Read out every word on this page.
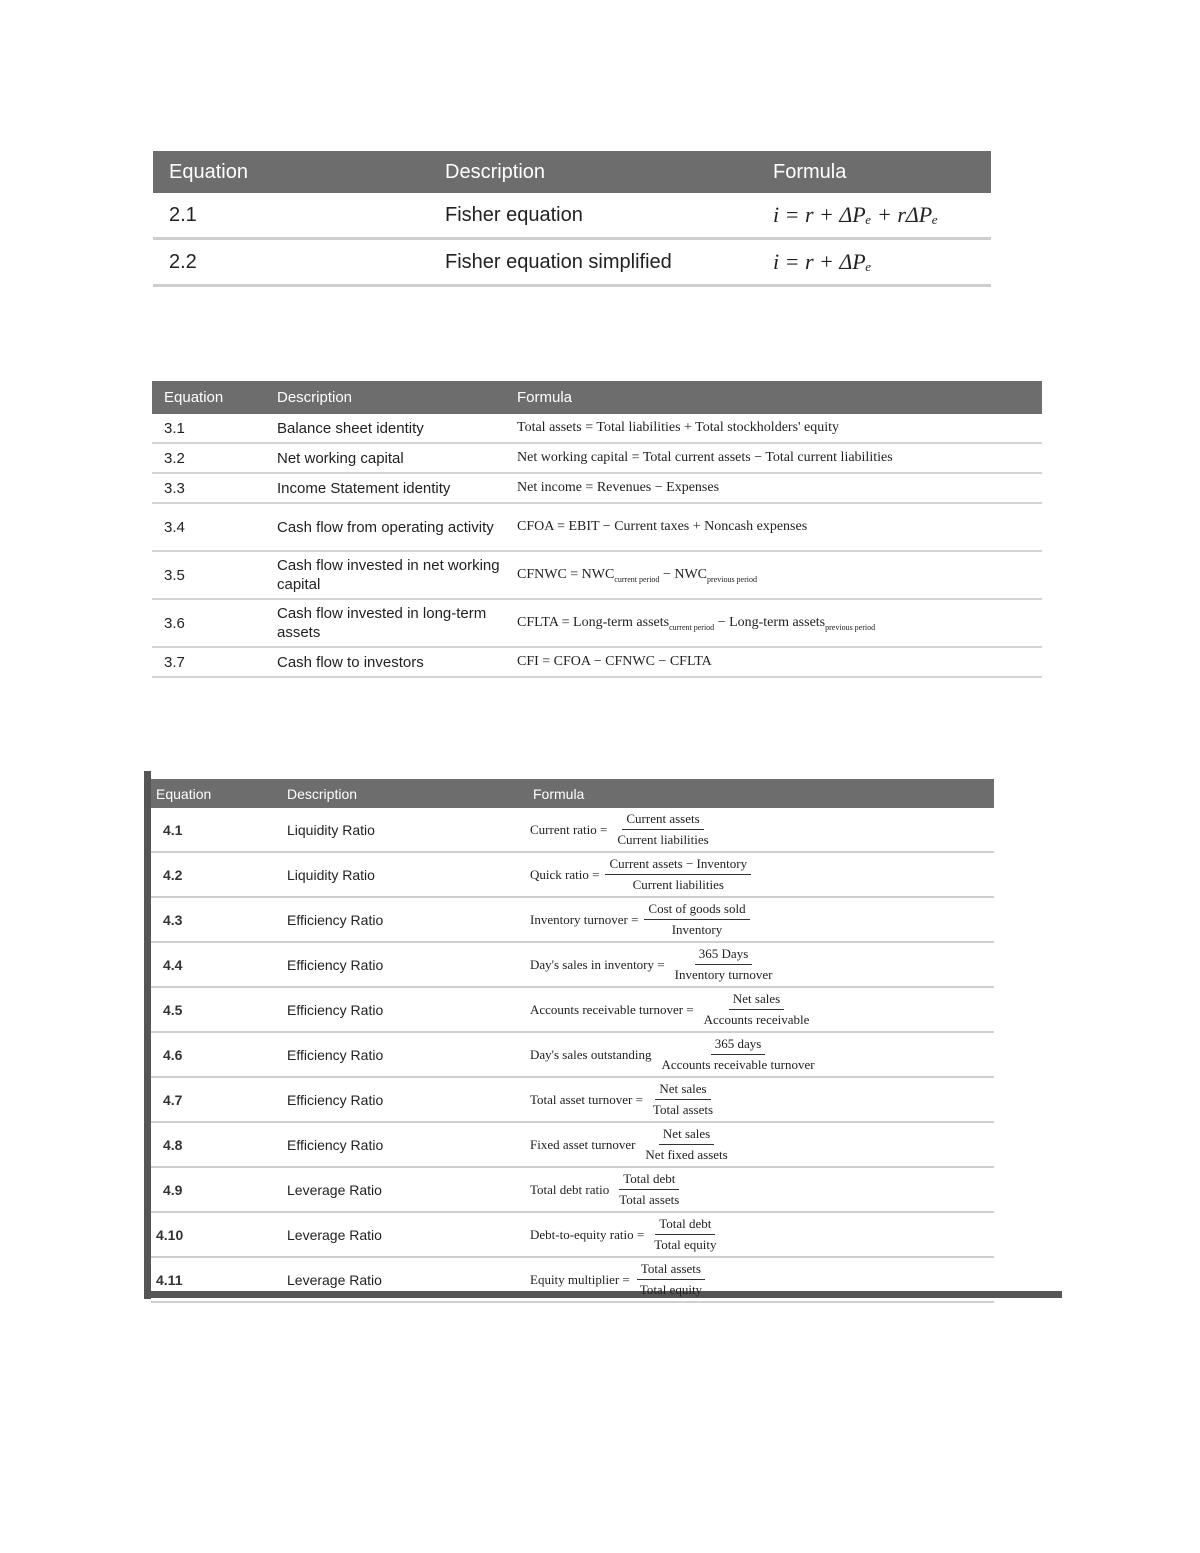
Equation	Description	Formula
2.1	Fisher equation	i = r + ΔPₑ + rΔPₑ
2.2	Fisher equation simplified	i = r + ΔPₑ
Equation	Description	Formula
3.1	Balance sheet identity	Total assets = Total liabilities + Total stockholders' equity
3.2	Net working capital	Net working capital = Total current assets − Total current liabilities
3.3	Income Statement identity	Net income = Revenues − Expenses
3.4	Cash flow from operating activity	CFOA = EBIT − Current taxes + Noncash expenses
3.5	Cash flow invested in net working capital	CFNWC = $NWC_{current period} - NWC_{previous period}$
3.6	Cash flow invested in long-term assets	CFLTA = Long-term assets$_{current period}$ − Long-term assets$_{previous period}$
3.7	Cash flow to investors	CFI = CFOA − CFNWC − CFLTA
Equation	Description	Formula
4.1	Liquidity Ratio	Current ratio = $\frac{\text{Current assets}}{\text{Current liabilities}}$

4.2	Liquidity Ratio	Quick ratio = $\frac{\text{Current assets − Inventory}}{\text{Current liabilities}}$

4.3	Efficiency Ratio	Inventory turnover = $\frac{\text{Cost of goods sold}}{\text{Inventory}}$

4.4	Efficiency Ratio	Day's sales in inventory = $\frac{\text{365 Days}}{\text{Inventory turnover}}$

4.5	Efficiency Ratio	Accounts receivable turnover = $\frac{\text{Net sales}}{\text{Accounts receivable}}$

4.6	Efficiency Ratio	Day's sales outstanding $\frac{\text{365 days}}{\text{Accounts receivable turnover}}$

4.7	Efficiency Ratio	Total asset turnover = $\frac{\text{Net sales}}{\text{Total assets}}$

4.8	Efficiency Ratio	Fixed asset turnover $\frac{\text{Net sales}}{\text{Net fixed assets}}$

4.9	Leverage Ratio	Total debt ratio $\frac{\text{Total debt}}{\text{Total assets}}$

4.10	Leverage Ratio	Debt-to-equity ratio = $\frac{\text{Total debt}}{\text{Total equity}}$

4.11	Leverage Ratio	Equity multiplier = $\frac{\text{Total assets}}{\text{Total equity}}$
